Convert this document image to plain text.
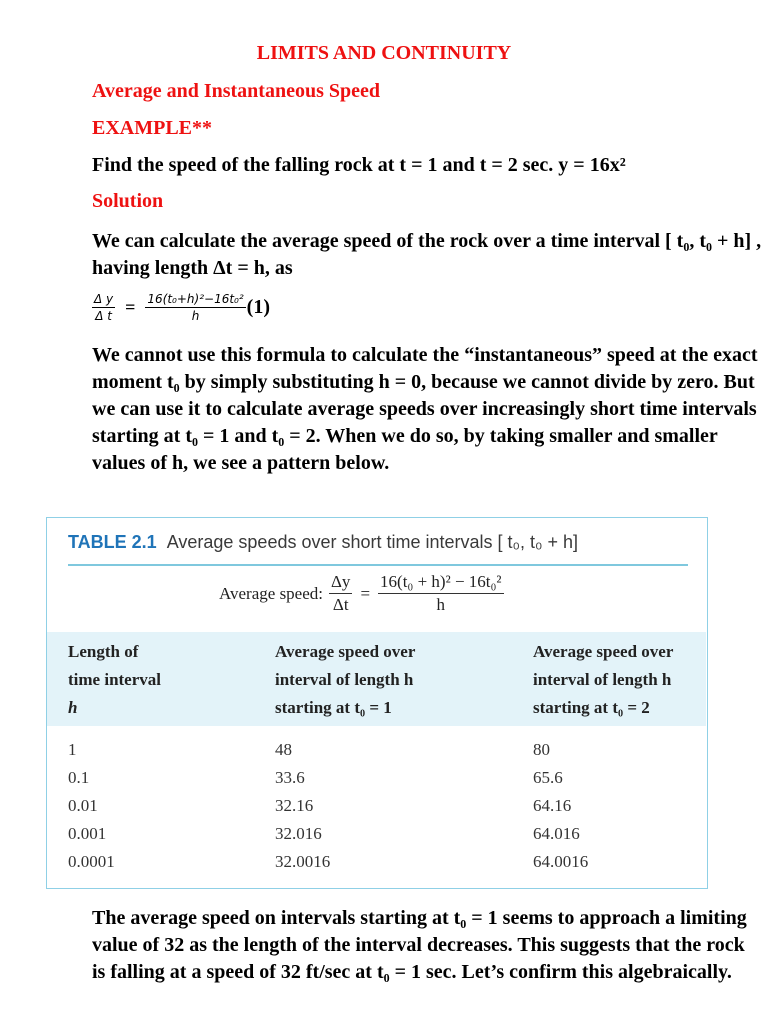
LIMITS AND CONTINUITY
Average and Instantaneous Speed
EXAMPLE**
Find the speed of the falling rock at t = 1 and t = 2 sec. y = 16x²
Solution
We can calculate the average speed of the rock over a time interval [ t₀, t₀ + h] , having length Δt = h, as
$\frac{\text{Δ y}}{\text{Δ t}} = \frac{\text{16(t₀+h)²−16t₀²}}{h} (1)$
We cannot use this formula to calculate the “instantaneous” speed at the exact moment t₀ by simply substituting h = 0, because we cannot divide by zero. But we can use it to calculate average speeds over increasingly short time intervals starting at t₀ = 1 and t₀ = 2. When we do so, by taking smaller and smaller values of h, we see a pattern below.
TABLE 2.1 Average speeds over short time intervals [ t₀, t₀ + h]
Average speed: $\frac{\Delta y}{\Delta t} = \frac{\text{16(t₀ + h)² − 16t₀²}}{h}$
Length of
time interval
h
Average speed over
interval of length h
starting at t₀ = 1
Average speed over
interval of length h
starting at t₀ = 2
1	48	80
0.1	33.6	65.6
0.01	32.16	64.16
0.001	32.016	64.016
0.0001	32.0016	64.0016
The average speed on intervals starting at t₀ = 1 seems to approach a limiting value of 32 as the length of the interval decreases. This suggests that the rock is falling at a speed of 32 ft/sec at t₀ = 1 sec. Let’s confirm this algebraically.
